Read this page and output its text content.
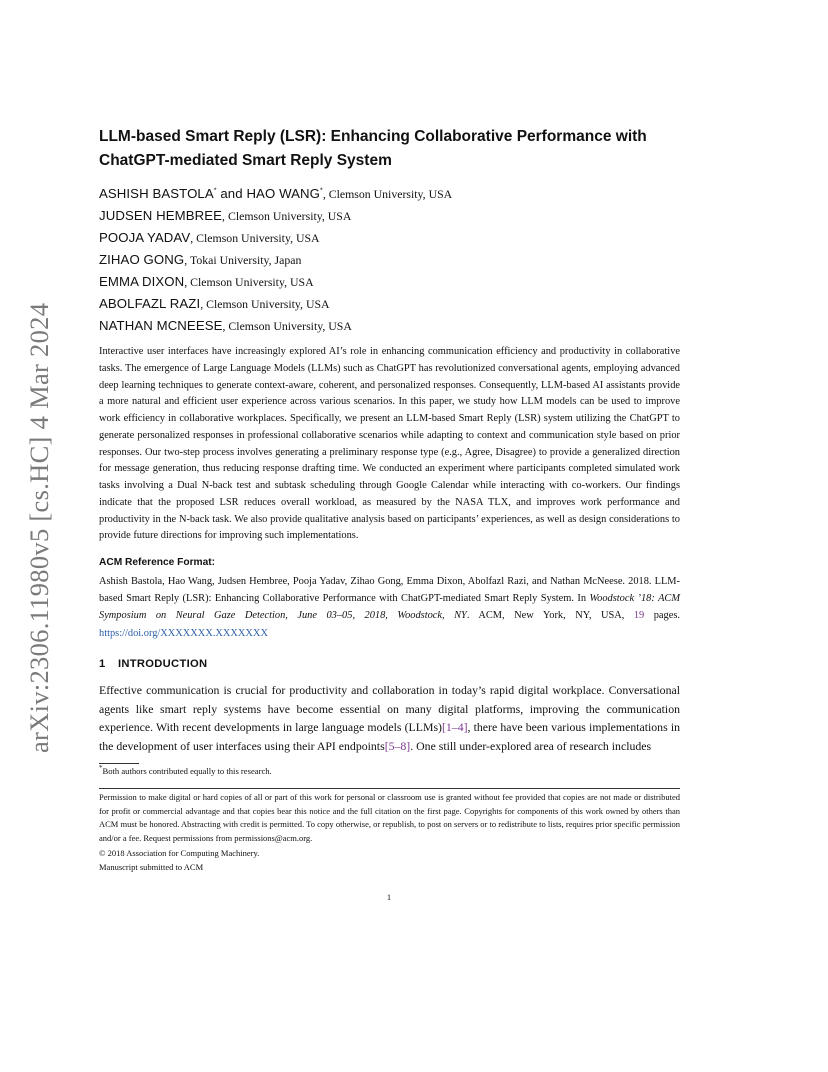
arXiv:2306.11980v5 [cs.HC] 4 Mar 2024
LLM-based Smart Reply (LSR): Enhancing Collaborative Performance with
ChatGPT-mediated Smart Reply System
ASHISH BASTOLA* and HAO WANG*, Clemson University, USA
JUDSEN HEMBREE, Clemson University, USA
POOJA YADAV, Clemson University, USA
ZIHAO GONG, Tokai University, Japan
EMMA DIXON, Clemson University, USA
ABOLFAZL RAZI, Clemson University, USA
NATHAN MCNEESE, Clemson University, USA

Interactive user interfaces have increasingly explored AI’s role in enhancing communication efficiency and productivity in collaborative tasks. The emergence of Large Language Models (LLMs) such as ChatGPT has revolutionized conversational agents, employing advanced deep learning techniques to generate context-aware, coherent, and personalized responses. Consequently, LLM-based AI assistants provide a more natural and efficient user experience across various scenarios. In this paper, we study how LLM models can be used to improve work efficiency in collaborative workplaces. Specifically, we present an LLM-based Smart Reply (LSR) system utilizing the ChatGPT to generate personalized responses in professional collaborative scenarios while adapting to context and communication style based on prior responses. Our two-step process involves generating a preliminary response type (e.g., Agree, Disagree) to provide a generalized direction for message generation, thus reducing response drafting time. We conducted an experiment where participants completed simulated work tasks involving a Dual N-back test and subtask scheduling through Google Calendar while interacting with co-workers. Our findings indicate that the proposed LSR reduces overall workload, as measured by the NASA TLX, and improves work performance and productivity in the N-back task. We also provide qualitative analysis based on participants’ experiences, as well as design considerations to provide future directions for improving such implementations.

ACM Reference Format:

Ashish Bastola, Hao Wang, Judsen Hembree, Pooja Yadav, Zihao Gong, Emma Dixon, Abolfazl Razi, and Nathan McNeese. 2018. LLM-based Smart Reply (LSR): Enhancing Collaborative Performance with ChatGPT-mediated Smart Reply System. In Woodstock ’18: ACM Symposium on Neural Gaze Detection, June 03–05, 2018, Woodstock, NY. ACM, New York, NY, USA, 19 pages. https://doi.org/XXXXXXX.XXXXXXX

1 INTRODUCTION

Effective communication is crucial for productivity and collaboration in today’s rapid digital workplace. Conversational agents like smart reply systems have become essential on many digital platforms, improving the communication experience. With recent developments in large language models (LLMs)[1–4], there have been various implementations in the development of user interfaces using their API endpoints[5–8]. One still under-explored area of research includes

*Both authors contributed equally to this research.

Permission to make digital or hard copies of all or part of this work for personal or classroom use is granted without fee provided that copies are not made or distributed for profit or commercial advantage and that copies bear this notice and the full citation on the first page. Copyrights for components of this work owned by others than ACM must be honored. Abstracting with credit is permitted. To copy otherwise, or republish, to post on servers or to redistribute to lists, requires prior specific permission and/or a fee. Request permissions from permissions@acm.org.

© 2018 Association for Computing Machinery.
Manuscript submitted to ACM
1
